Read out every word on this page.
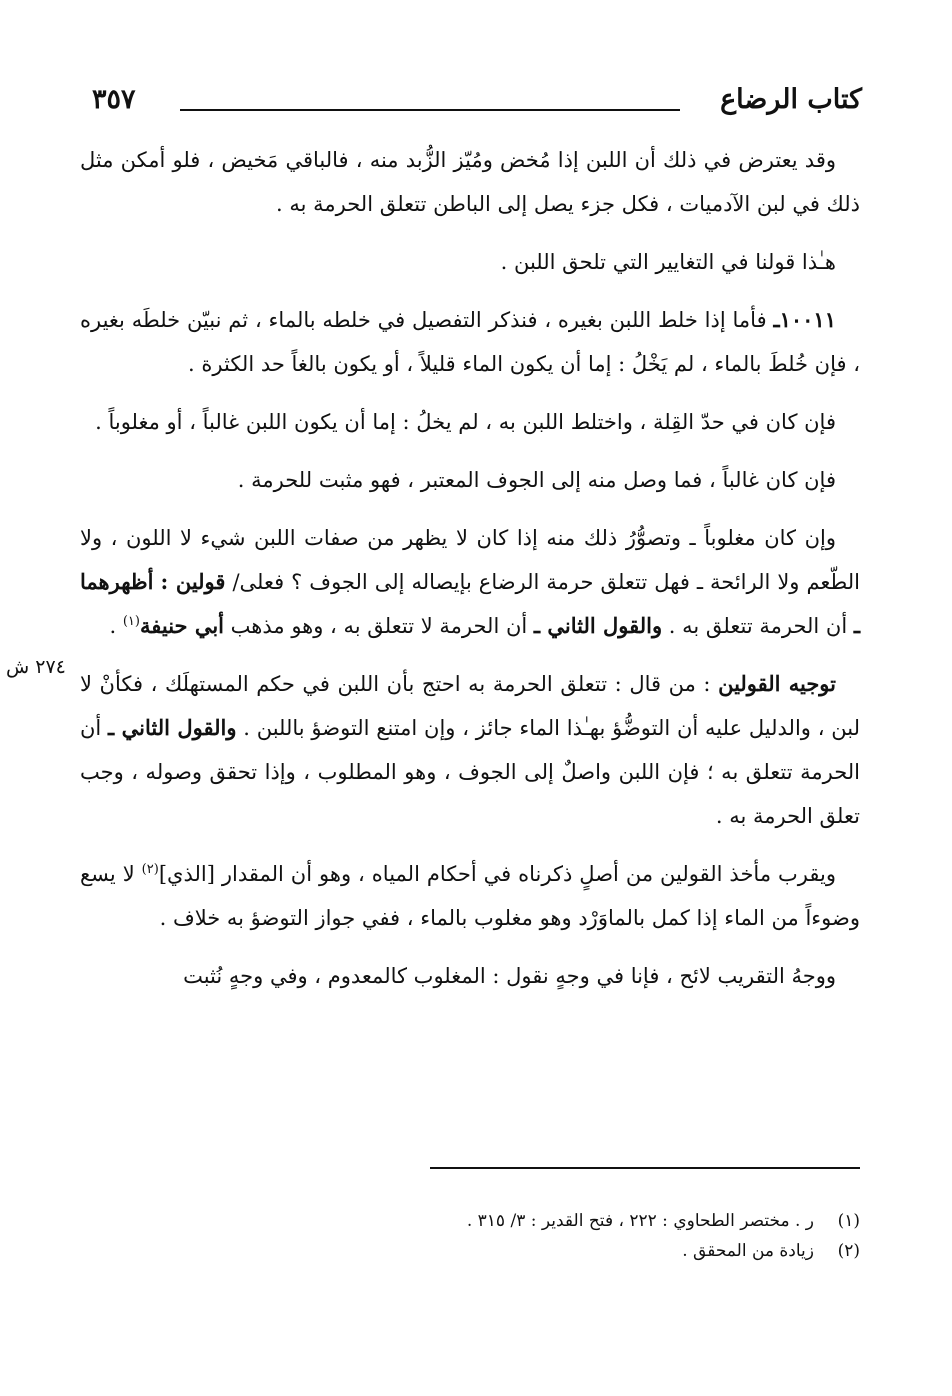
كتاب الرضاع
٣٥٧

وقد يعترض في ذلك أن اللبن إذا مُخض ومُيّز الزُّبد منه ، فالباقي مَخيض ، فلو أمكن مثل ذلك في لبن الآدميات ، فكل جزء يصل إلى الباطن تتعلق الحرمة به .

هـٰذا قولنا في التغايير التي تلحق اللبن .

١٠٠١١ـ فأما إذا خلط اللبن بغيره ، فنذكر التفصيل في خلطه بالماء ، ثم نبيّن خلطَه بغيره ، فإن خُلطَ بالماء ، لم يَخْلُ : إما أن يكون الماء قليلاً ، أو يكون بالغاً حد الكثرة .

فإن كان في حدّ القِلة ، واختلط اللبن به ، لم يخلُ : إما أن يكون اللبن غالباً ، أو مغلوباً .

فإن كان غالباً ، فما وصل منه إلى الجوف المعتبر ، فهو مثبت للحرمة .

وإن كان مغلوباً ـ وتصوُّرُ ذلك منه إذا كان لا يظهر من صفات اللبن شيء لا اللون ، ولا الطّعم ولا الرائحة ـ فهل تتعلق حرمة الرضاع بإيصاله إلى الجوف ؟ فعلى/ قولين : أظهرهما ـ أن الحرمة تتعلق به . والقول الثاني ـ أن الحرمة لا تتعلق به ، وهو مذهب أبي حنيفة$^{(١)}$ .

توجيه القولين : من قال : تتعلق الحرمة به احتج بأن اللبن في حكم المستهلَك ، فكأنْ لا لبن ، والدليل عليه أن التوضُّؤ بهـٰذا الماء جائز ، وإن امتنع التوضؤ باللبن . والقول الثاني ـ أن الحرمة تتعلق به ؛ فإن اللبن واصلٌ إلى الجوف ، وهو المطلوب ، وإذا تحقق وصوله ، وجب تعلق الحرمة به .

ويقرب مأخذ القولين من أصلٍ ذكرناه في أحكام المياه ، وهو أن المقدار [الذي]$^{(٢)}$ لا يسع وضوءاً من الماء إذا كمل بالماوَرْد وهو مغلوب بالماء ، ففي جواز التوضؤ به خلاف .

ووجهُ التقريب لائح ، فإنا في وجهٍ نقول : المغلوب كالمعدوم ، وفي وجهٍ نُثبت

٢٧٤ ش
(١)
ر . مختصر الطحاوي : ٢٢٢ ، فتح القدير : ٣/ ٣١٥ .
(٢)
زيادة من المحقق .
